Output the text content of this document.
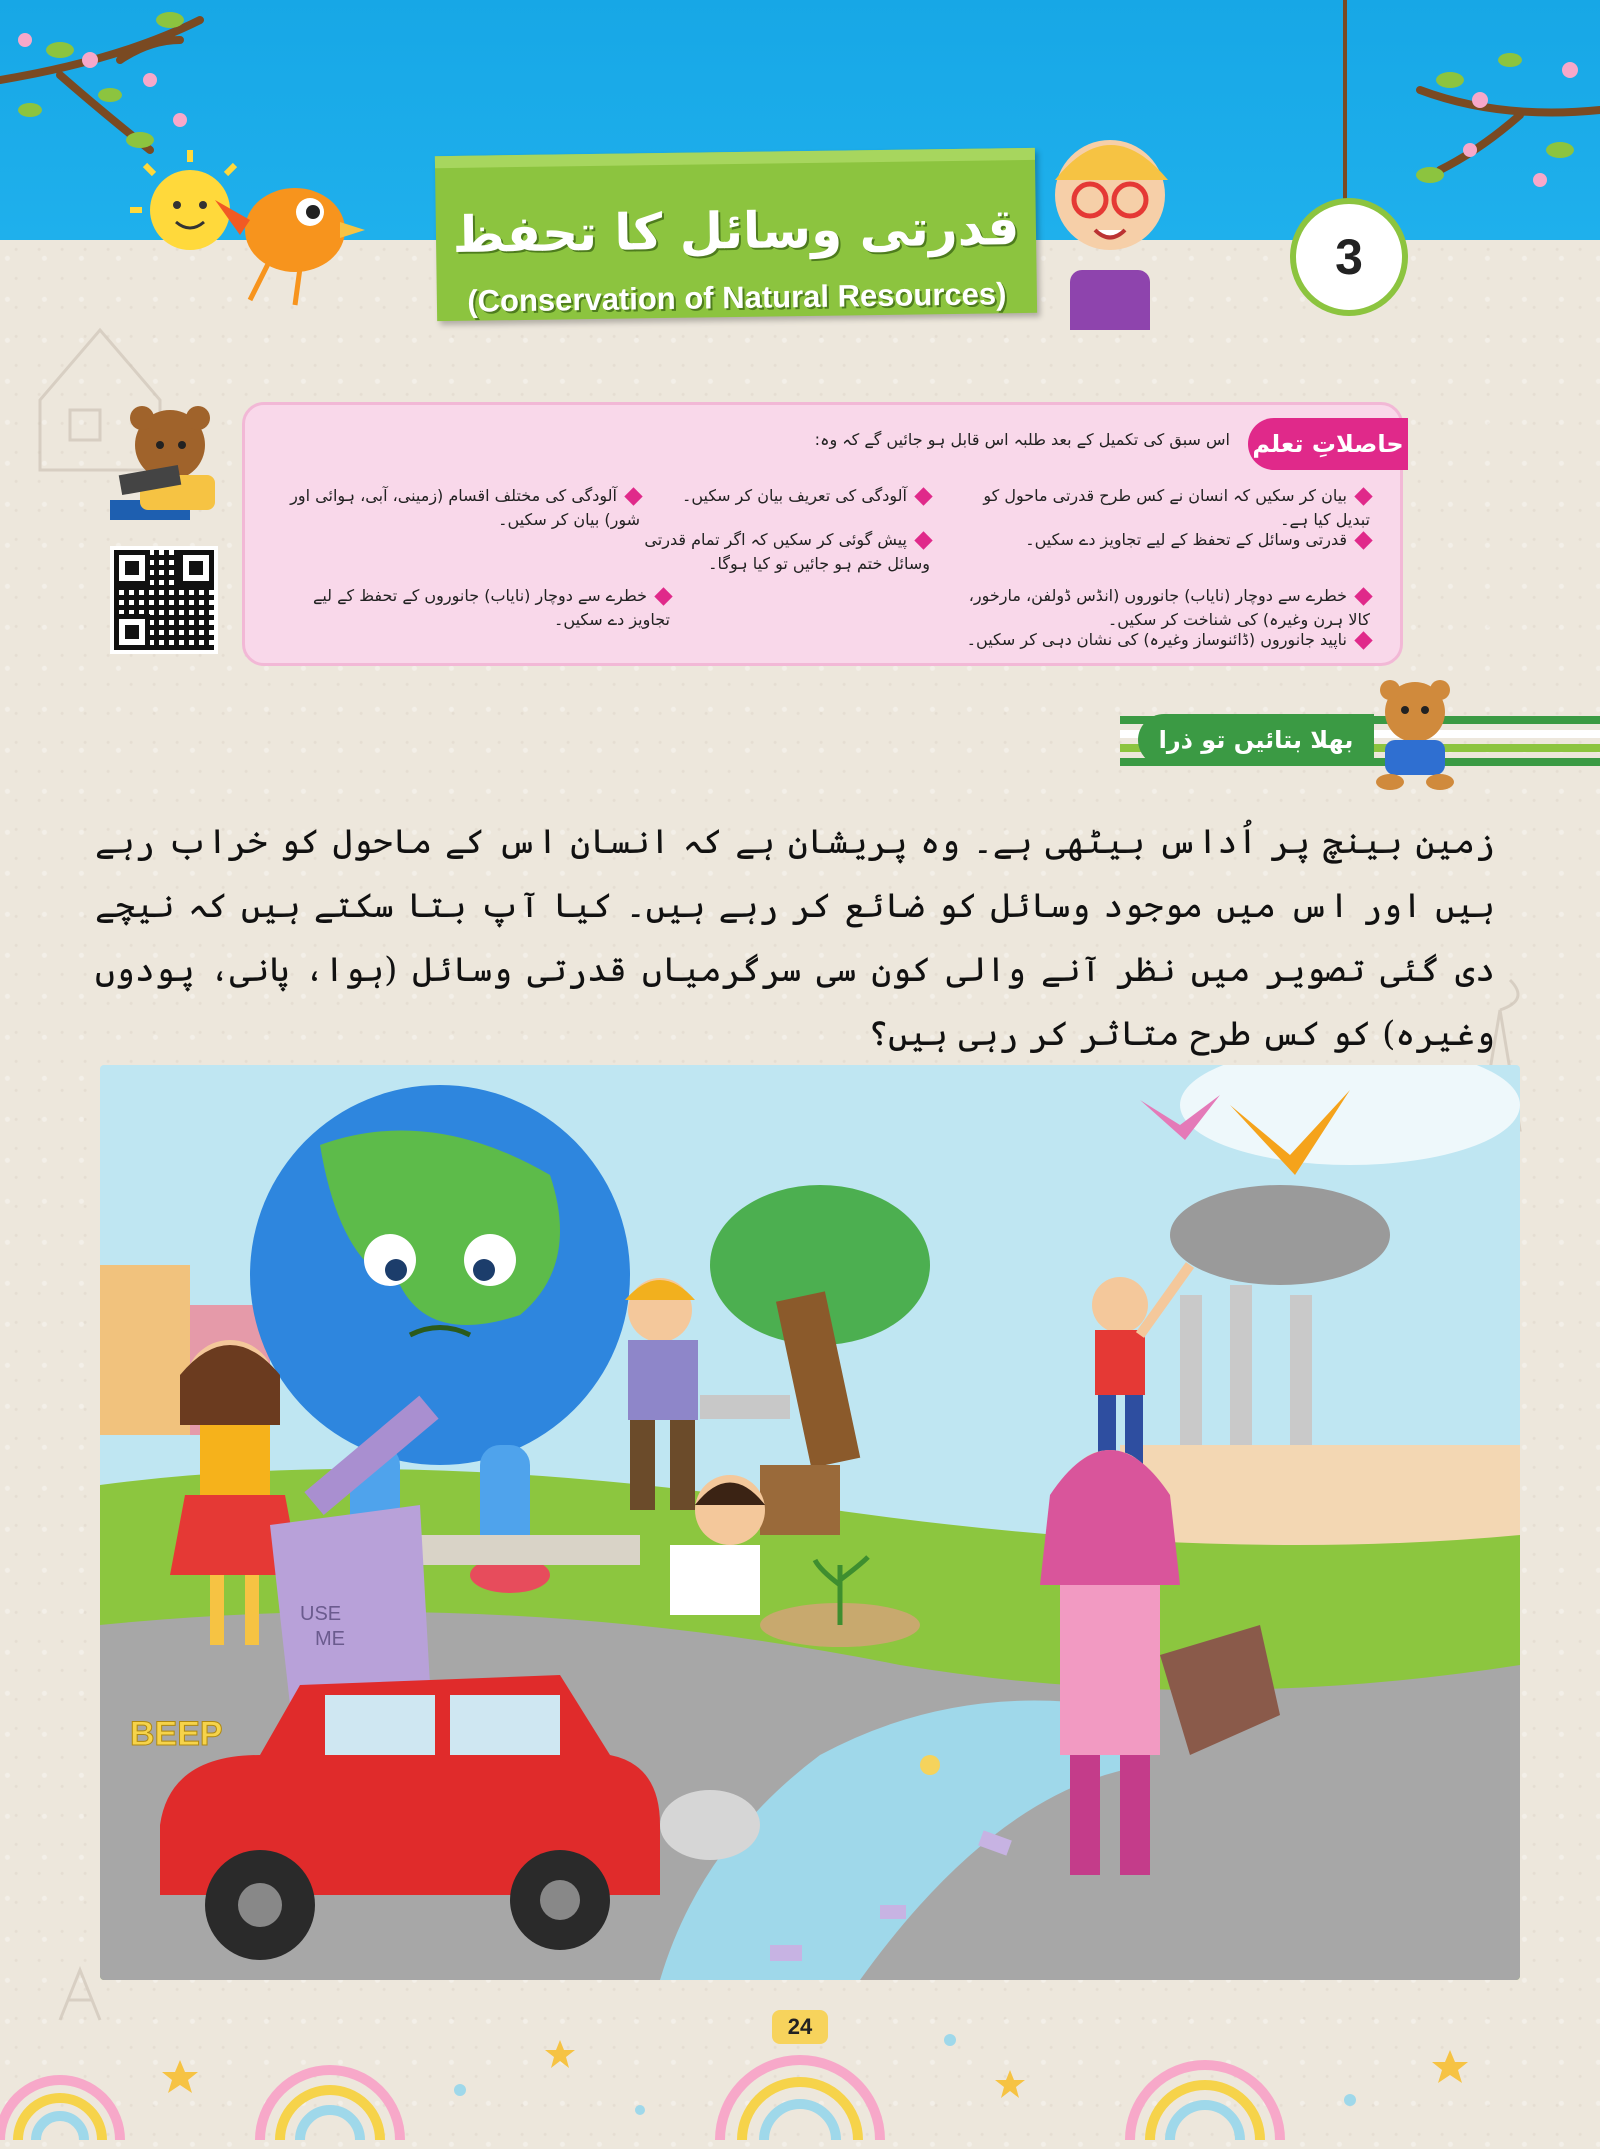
قدرتی وسائل کا تحفظ
(Conservation of Natural Resources)
3
حاصلاتِ تعلم
اس سبق کی تکمیل کے بعد طلبہ اس قابل ہو جائیں گے کہ وہ:
بیان کر سکیں کہ انسان نے کس طرح قدرتی ماحول کو تبدیل کیا ہے۔
قدرتی وسائل کے تحفظ کے لیے تجاویز دے سکیں۔
خطرے سے دوچار (نایاب) جانوروں (انڈس ڈولفن، مارخور، کالا ہرن وغیرہ) کی شناخت کر سکیں۔
ناپید جانوروں (ڈائنوساز وغیرہ) کی نشان دہی کر سکیں۔
آلودگی کی تعریف بیان کر سکیں۔
پیش گوئی کر سکیں کہ اگر تمام قدرتی وسائل ختم ہو جائیں تو کیا ہوگا۔
آلودگی کی مختلف اقسام (زمینی، آبی، ہوائی اور شور) بیان کر سکیں۔
خطرے سے دوچار (نایاب) جانوروں کے تحفظ کے لیے تجاویز دے سکیں۔
بھلا بتائیں تو ذرا
زمین بینچ پر اُداس بیٹھی ہے۔ وہ پریشان ہے کہ انسان اس کے ماحول کو خراب رہے ہیں اور اس میں موجود وسائل کو ضائع کر رہے ہیں۔ کیا آپ بتا سکتے ہیں کہ نیچے دی گئی تصویر میں نظر آنے والی کون سی سرگرمیاں قدرتی وسائل (ہوا، پانی، پودوں وغیرہ) کو کس طرح متاثر کر رہی ہیں؟
USE
ME
BEEP
24
